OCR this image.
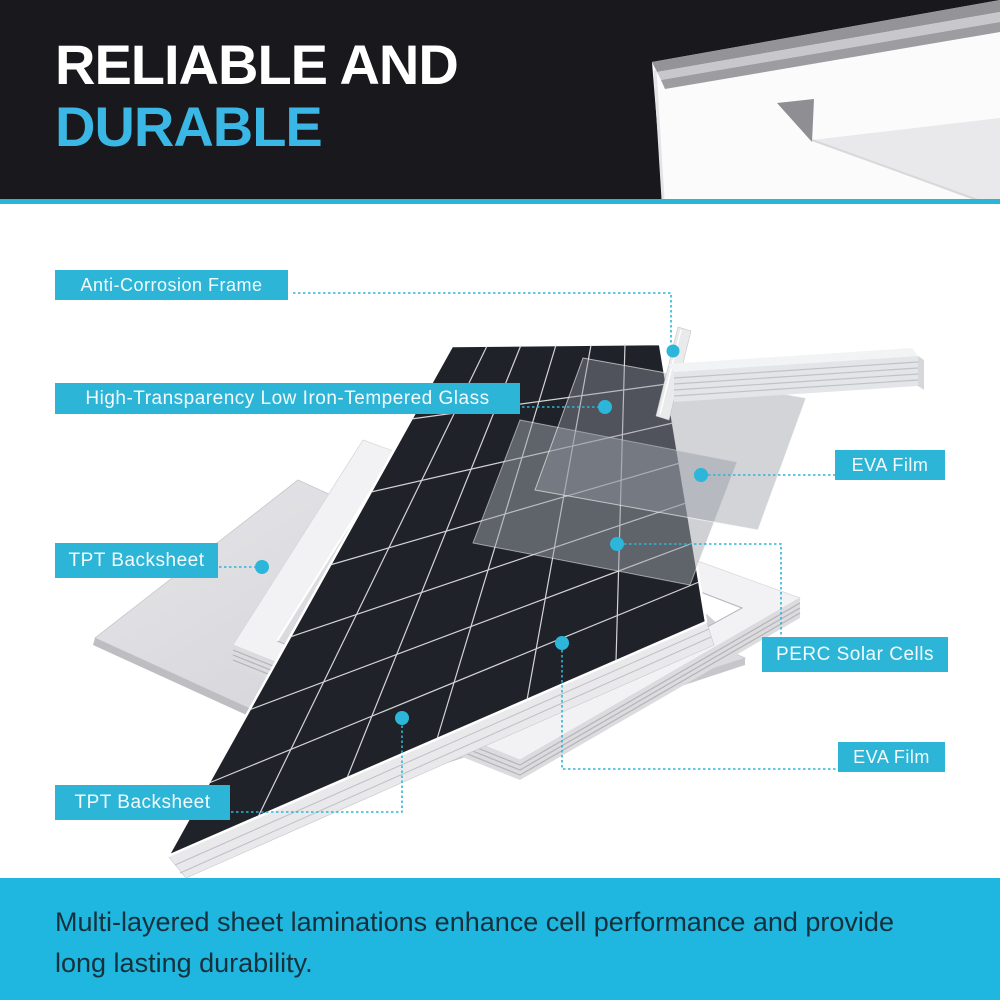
RELIABLE AND
DURABLE
Anti-Corrosion Frame
High-Transparency Low Iron-Tempered Glass
EVA Film
TPT Backsheet
PERC Solar Cells
EVA Film
TPT Backsheet

Multi-layered sheet laminations enhance cell performance and provide long lasting durability.
